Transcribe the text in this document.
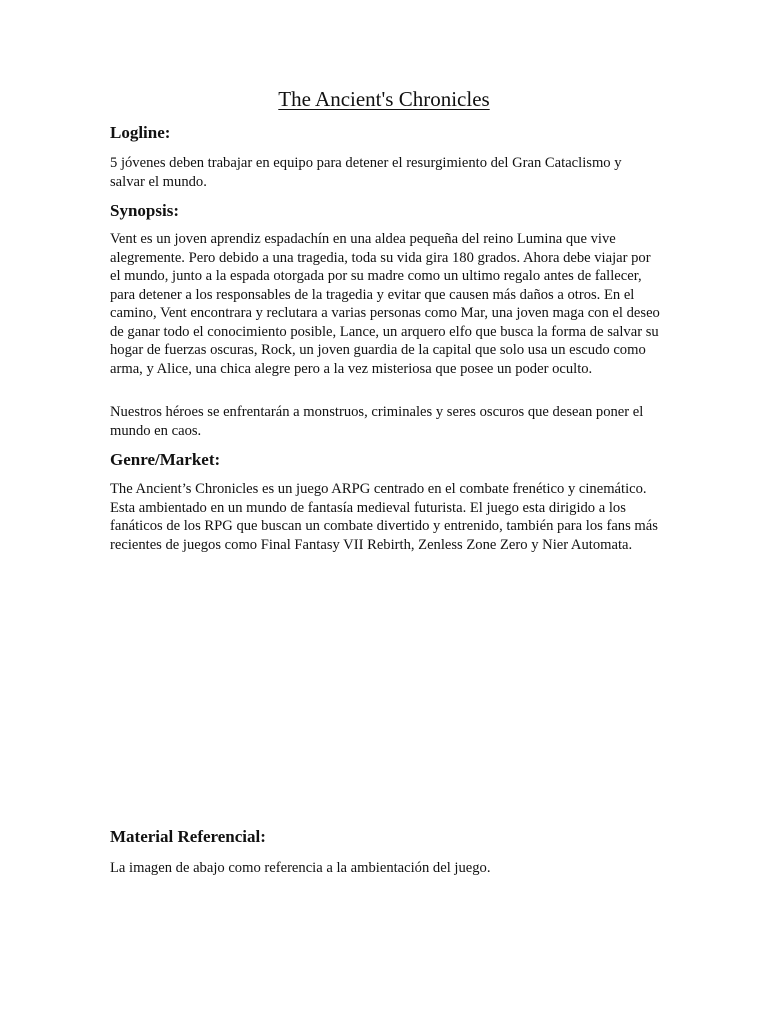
The Ancient's Chronicles
Logline:

5 jóvenes deben trabajar en equipo para detener el resurgimiento del Gran Cataclismo y salvar el mundo.

Synopsis:

Vent es un joven aprendiz espadachín en una aldea pequeña del reino Lumina que vive alegremente. Pero debido a una tragedia, toda su vida gira 180 grados. Ahora debe viajar por el mundo, junto a la espada otorgada por su madre como un ultimo regalo antes de fallecer, para detener a los responsables de la tragedia y evitar que causen más daños a otros. En el camino, Vent encontrara y reclutara a varias personas como Mar, una joven maga con el deseo de ganar todo el conocimiento posible, Lance, un arquero elfo que busca la forma de salvar su hogar de fuerzas oscuras, Rock, un joven guardia de la capital que solo usa un escudo como arma, y Alice, una chica alegre pero a la vez misteriosa que posee un poder oculto.

Nuestros héroes se enfrentarán a monstruos, criminales y seres oscuros que desean poner el mundo en caos.

Genre/Market:

The Ancient’s Chronicles es un juego ARPG centrado en el combate frenético y cinemático. Esta ambientado en un mundo de fantasía medieval futurista. El juego esta dirigido a los fanáticos de los RPG que buscan un combate divertido y entrenido, también para los fans más recientes de juegos como Final Fantasy VII Rebirth, Zenless Zone Zero y Nier Automata.

Material Referencial:

La imagen de abajo como referencia a la ambientación del juego.
